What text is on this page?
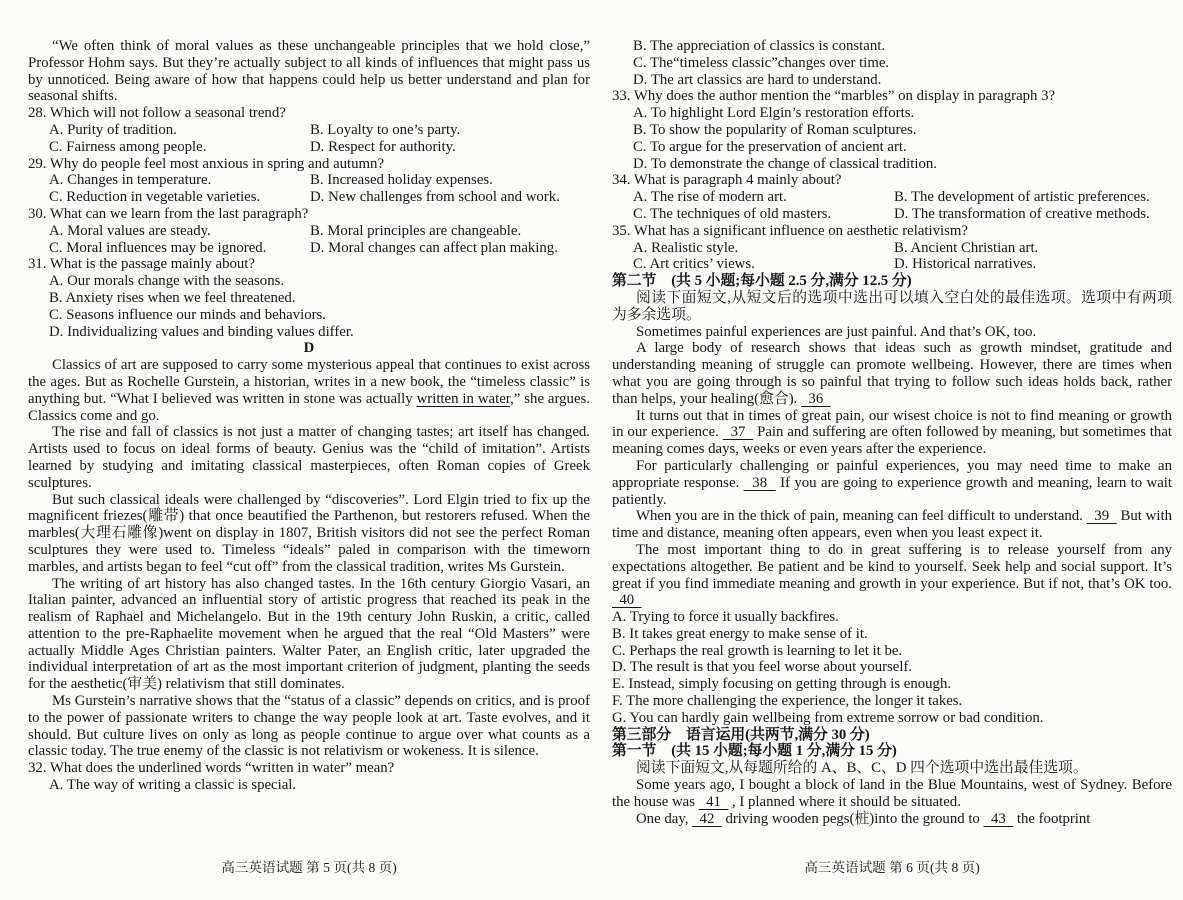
“We often think of moral values as these unchangeable principles that we hold close,” Professor Hohm says. But they’re actually subject to all kinds of influences that might pass us by unnoticed. Being aware of how that happens could help us better understand and plan for seasonal shifts.
28. Which will not follow a seasonal trend?
A. Purity of tradition.	B. Loyalty to one’s party.
C. Fairness among people.	D. Respect for authority.
29. Why do people feel most anxious in spring and autumn?
A. Changes in temperature.	B. Increased holiday expenses.
C. Reduction in vegetable varieties.	D. New challenges from school and work.
30. What can we learn from the last paragraph?
A. Moral values are steady.	B. Moral principles are changeable.
C. Moral influences may be ignored.	D. Moral changes can affect plan making.
31. What is the passage mainly about?
A. Our morals change with the seasons.
B. Anxiety rises when we feel threatened.
C. Seasons influence our minds and behaviors.
D. Individualizing values and binding values differ.
D
Classics of art are supposed to carry some mysterious appeal that continues to exist across the ages. But as Rochelle Gurstein, a historian, writes in a new book, the “timeless classic” is anything but. “What I believed was written in stone was actually written in water,” she argues. Classics come and go.
The rise and fall of classics is not just a matter of changing tastes; art itself has changed. Artists used to focus on ideal forms of beauty. Genius was the “child of imitation”. Artists learned by studying and imitating classical masterpieces, often Roman copies of Greek sculptures.
But such classical ideals were challenged by “discoveries”. Lord Elgin tried to fix up the magnificent friezes(雕带) that once beautified the Parthenon, but restorers refused. When the marbles(大理石雕像)went on display in 1807, British visitors did not see the perfect Roman sculptures they were used to. Timeless “ideals” paled in comparison with the timeworn marbles, and artists began to feel “cut off” from the classical tradition, writes Ms Gurstein.
The writing of art history has also changed tastes. In the 16th century Giorgio Vasari, an Italian painter, advanced an influential story of artistic progress that reached its peak in the realism of Raphael and Michelangelo. But in the 19th century John Ruskin, a critic, called attention to the pre-Raphaelite movement when he argued that the real “Old Masters” were actually Middle Ages Christian painters. Walter Pater, an English critic, later upgraded the individual interpretation of art as the most important criterion of judgment, planting the seeds for the aesthetic(审美) relativism that still dominates.
Ms Gurstein’s narrative shows that the “status of a classic” depends on critics, and is proof to the power of passionate writers to change the way people look at art. Taste evolves, and it should. But culture lives on only as long as people continue to argue over what counts as a classic today. The true enemy of the classic is not relativism or wokeness. It is silence.
32. What does the underlined words “written in water” mean?
A. The way of writing a classic is special.
B. The appreciation of classics is constant.
C. The“timeless classic”changes over time.
D. The art classics are hard to understand.
33. Why does the author mention the “marbles” on display in paragraph 3?
A. To highlight Lord Elgin’s restoration efforts.
B. To show the popularity of Roman sculptures.
C. To argue for the preservation of ancient art.
D. To demonstrate the change of classical tradition.
34. What is paragraph 4 mainly about?
A. The rise of modern art.	B. The development of artistic preferences.
C. The techniques of old masters.	D. The transformation of creative methods.
35. What has a significant influence on aesthetic relativism?
A. Realistic style.	B. Ancient Christian art.
C. Art critics’ views.	D. Historical narratives.
第二节　(共 5 小题;每小题 2.5 分,满分 12.5 分)
阅读下面短文,从短文后的选项中选出可以填入空白处的最佳选项。选项中有两项为多余选项。
Sometimes painful experiences are just painful. And that’s OK, too.
A large body of research shows that ideas such as growth mindset, gratitude and understanding meaning of struggle can promote wellbeing. However, there are times when what you are going through is so painful that trying to follow such ideas holds back, rather than helps, your healing(愈合).   36
It turns out that in times of great pain, our wisest choice is not to find meaning or growth in our experience.   37   Pain and suffering are often followed by meaning, but sometimes that meaning comes days, weeks or even years after the experience.
For particularly challenging or painful experiences, you may need time to make an appropriate response.   38   If you are going to experience growth and meaning, learn to wait patiently.
When you are in the thick of pain, meaning can feel difficult to understand.   39   But with time and distance, meaning often appears, even when you least expect it.
The most important thing to do in great suffering is to release yourself from any expectations altogether. Be patient and be kind to yourself. Seek help and social support. It’s great if you find immediate meaning and growth in your experience. But if not, that’s OK too.   40
A. Trying to force it usually backfires.
B. It takes great energy to make sense of it.
C. Perhaps the real growth is learning to let it be.
D. The result is that you feel worse about yourself.
E. Instead, simply focusing on getting through is enough.
F. The more challenging the experience, the longer it takes.
G. You can hardly gain wellbeing from extreme sorrow or bad condition.
第三部分　语言运用(共两节,满分 30 分)
第一节　(共 15 小题;每小题 1 分,满分 15 分)
阅读下面短文,从每题所给的 A、B、C、D 四个选项中选出最佳选项。
Some years ago, I bought a block of land in the Blue Mountains, west of Sydney. Before the house was   41   , I planned where it should be situated.
One day,   42   driving wooden pegs(桩)into the ground to   43   the footprint
高三英语试题 第 5 页(共 8 页)	高三英语试题 第 6 页(共 8 页)
